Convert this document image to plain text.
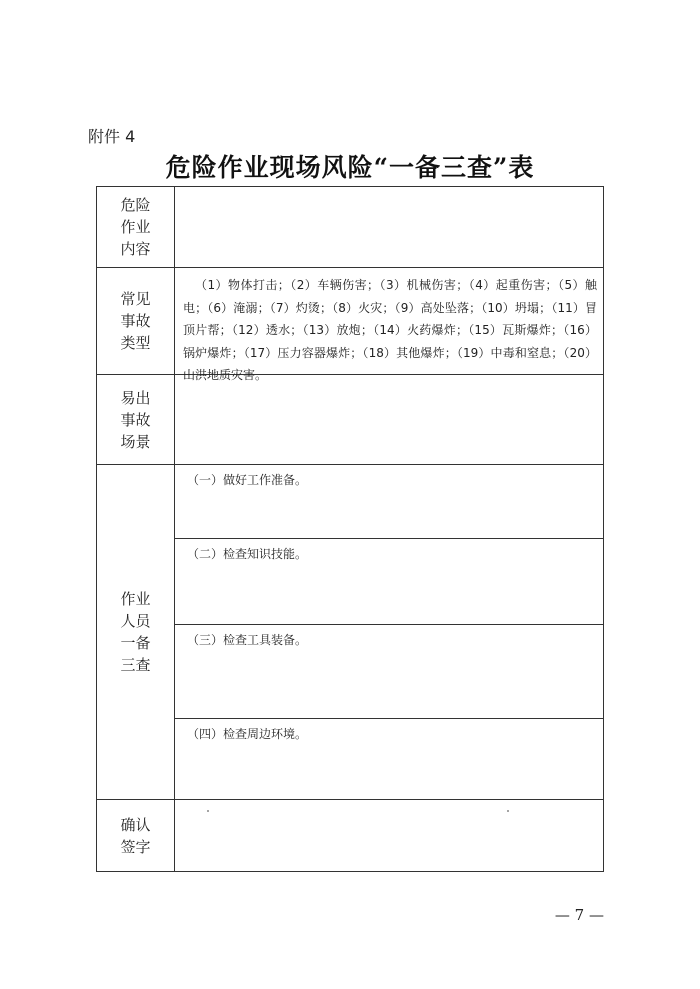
附件 4
危险作业现场风险“一备三查”表
危险作业内容
常见事故类型
（1）物体打击；（2）车辆伤害；（3）机械伤害；（4）起重伤害；（5）触电；（6）淹溺；（7）灼烫；（8）火灾；（9）高处坠落；（10）坍塌；（11）冒顶片帮；（12）透水；（13）放炮；（14）火药爆炸；（15）瓦斯爆炸；（16）锅炉爆炸；（17）压力容器爆炸；（18）其他爆炸；（19）中毒和窒息；（20）山洪地质灾害。
易出事故场景
作业人员一备三查
（一）做好工作准备。
（二）检查知识技能。
（三）检查工具装备。
（四）检查周边环境。
确认签字
— 7 —
